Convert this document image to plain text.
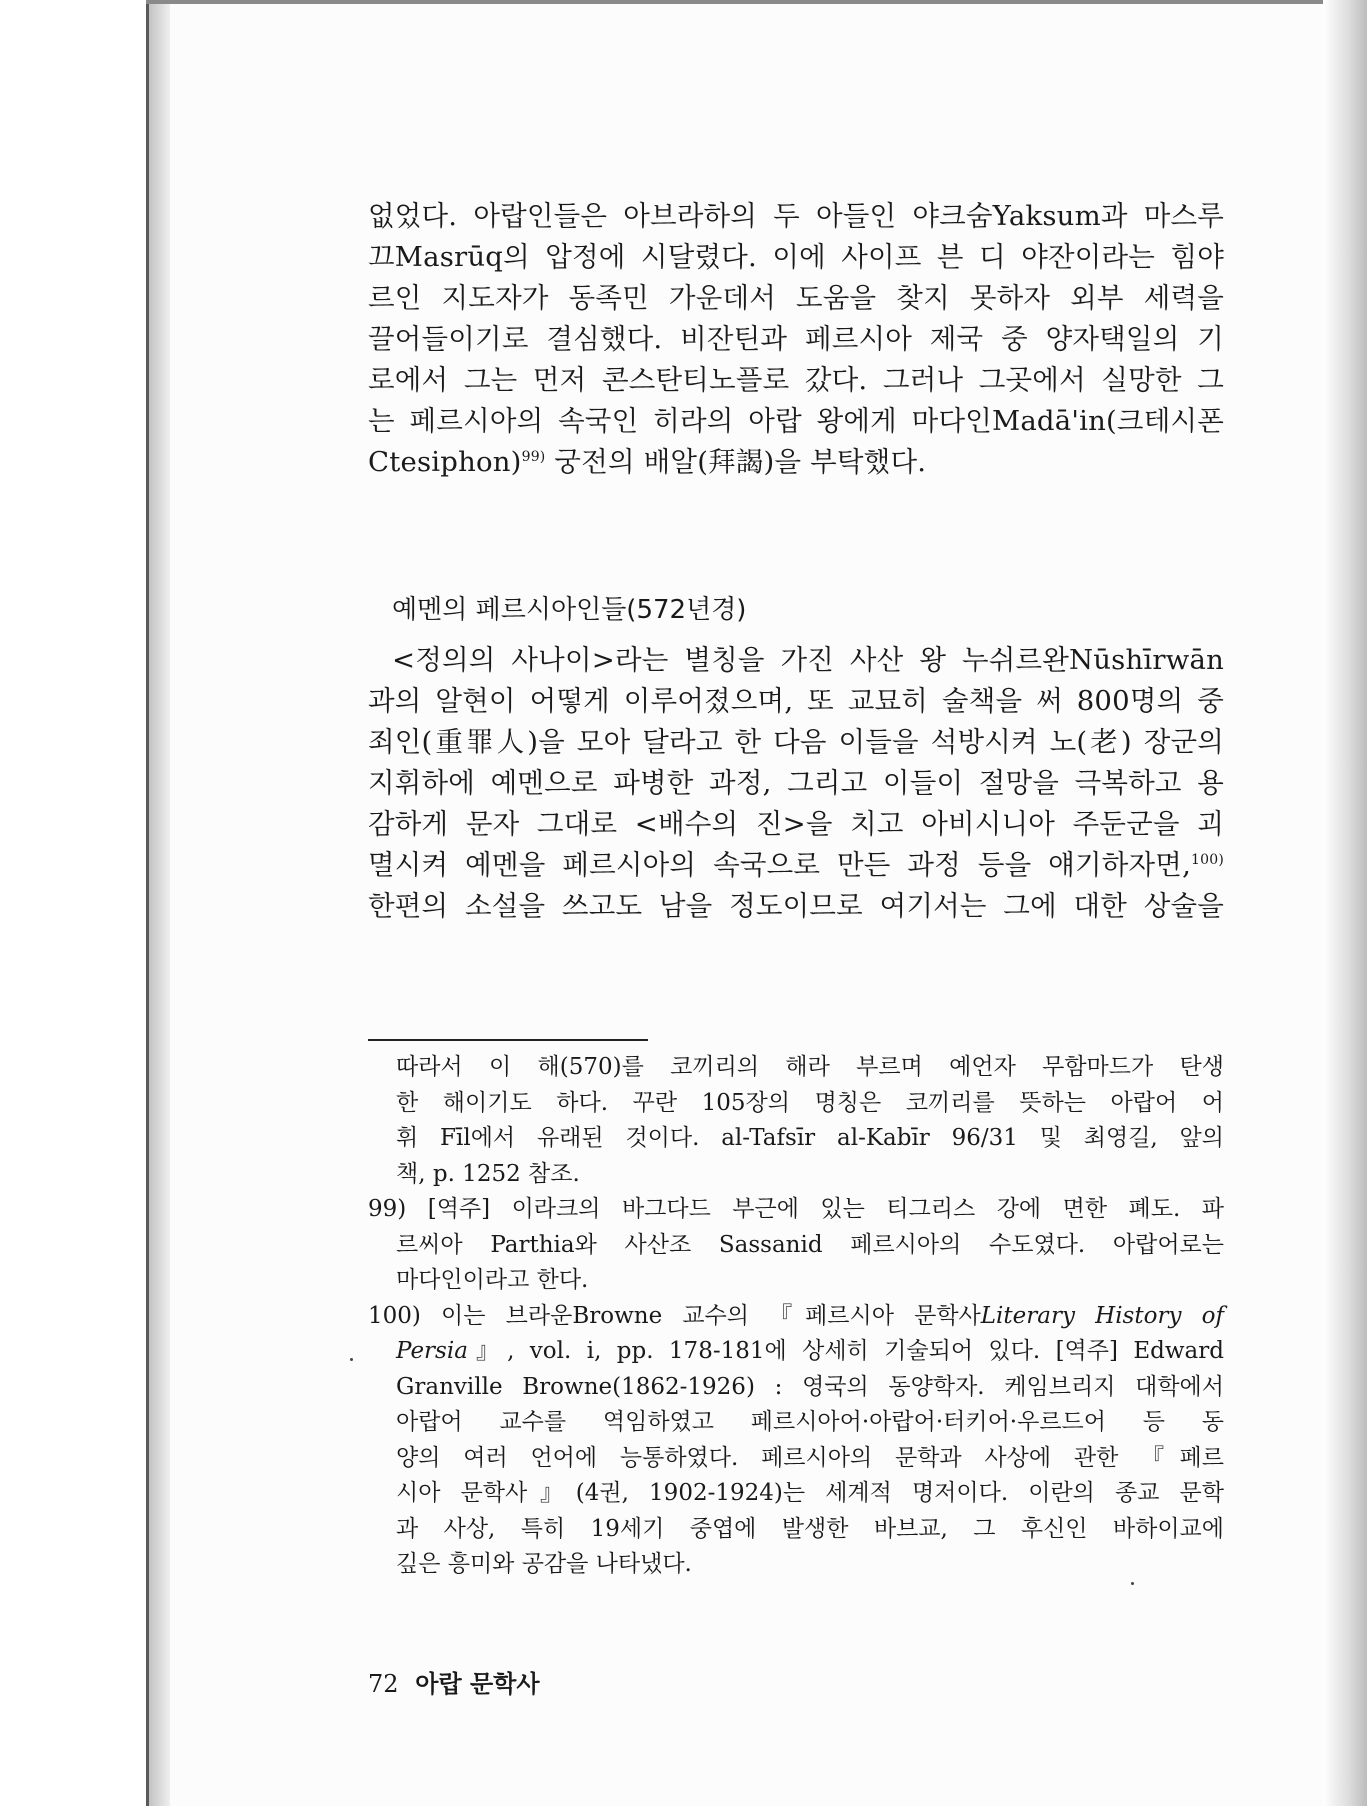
없었다. 아랍인들은 아브라하의 두 아들인 야크숨Yaksum과 마스루
끄Masrūq의 압정에 시달렸다. 이에 사이프 븐 디 야잔이라는 힘야
르인 지도자가 동족민 가운데서 도움을 찾지 못하자 외부 세력을
끌어들이기로 결심했다. 비잔틴과 페르시아 제국 중 양자택일의 기
로에서 그는 먼저 콘스탄티노플로 갔다. 그러나 그곳에서 실망한 그
는 페르시아의 속국인 히라의 아랍 왕에게 마다인Madā'in(크테시폰
Ctesiphon)$^{99)}$ 궁전의 배알(拜謁)을 부탁했다.
예멘의 페르시아인들(572년경)
<정의의 사나이>라는 별칭을 가진 사산 왕 누쉬르완Nūshīrwān
과의 알현이 어떻게 이루어졌으며, 또 교묘히 술책을 써 800명의 중
죄인(重罪人)을 모아 달라고 한 다음 이들을 석방시켜 노(老) 장군의
지휘하에 예멘으로 파병한 과정, 그리고 이들이 절망을 극복하고 용
감하게 문자 그대로 <배수의 진>을 치고 아비시니아 주둔군을 괴
멸시켜 예멘을 페르시아의 속국으로 만든 과정 등을 얘기하자면,$^{100)}$
한편의 소설을 쓰고도 남을 정도이므로 여기서는 그에 대한 상술을
따라서 이 해(570)를 코끼리의 해라 부르며 예언자 무함마드가 탄생
한 해이기도 하다. 꾸란 105장의 명칭은 코끼리를 뜻하는 아랍어 어
휘 Fīl에서 유래된 것이다. al-Tafsīr al-Kabīr 96/31 및 최영길, 앞의
책, p. 1252 참조.
99) [역주] 이라크의 바그다드 부근에 있는 티그리스 강에 면한 폐도. 파
르씨아 Parthia와 사산조 Sassanid 페르시아의 수도였다. 아랍어로는
마다인이라고 한다.
100) 이는 브라운Browne 교수의 『페르시아 문학사Literary History of
Persia』, vol. i, pp. 178-181에 상세히 기술되어 있다. [역주] Edward
Granville Browne(1862-1926) : 영국의 동양학자. 케임브리지 대학에서
아랍어 교수를 역임하였고 페르시아어·아랍어·터키어·우르드어 등 동
양의 여러 언어에 능통하였다. 페르시아의 문학과 사상에 관한 『페르
시아 문학사』(4권, 1902-1924)는 세계적 명저이다. 이란의 종교 문학
과 사상, 특히 19세기 중엽에 발생한 바브교, 그 후신인 바하이교에
깊은 흥미와 공감을 나타냈다.
72 아랍 문학사
